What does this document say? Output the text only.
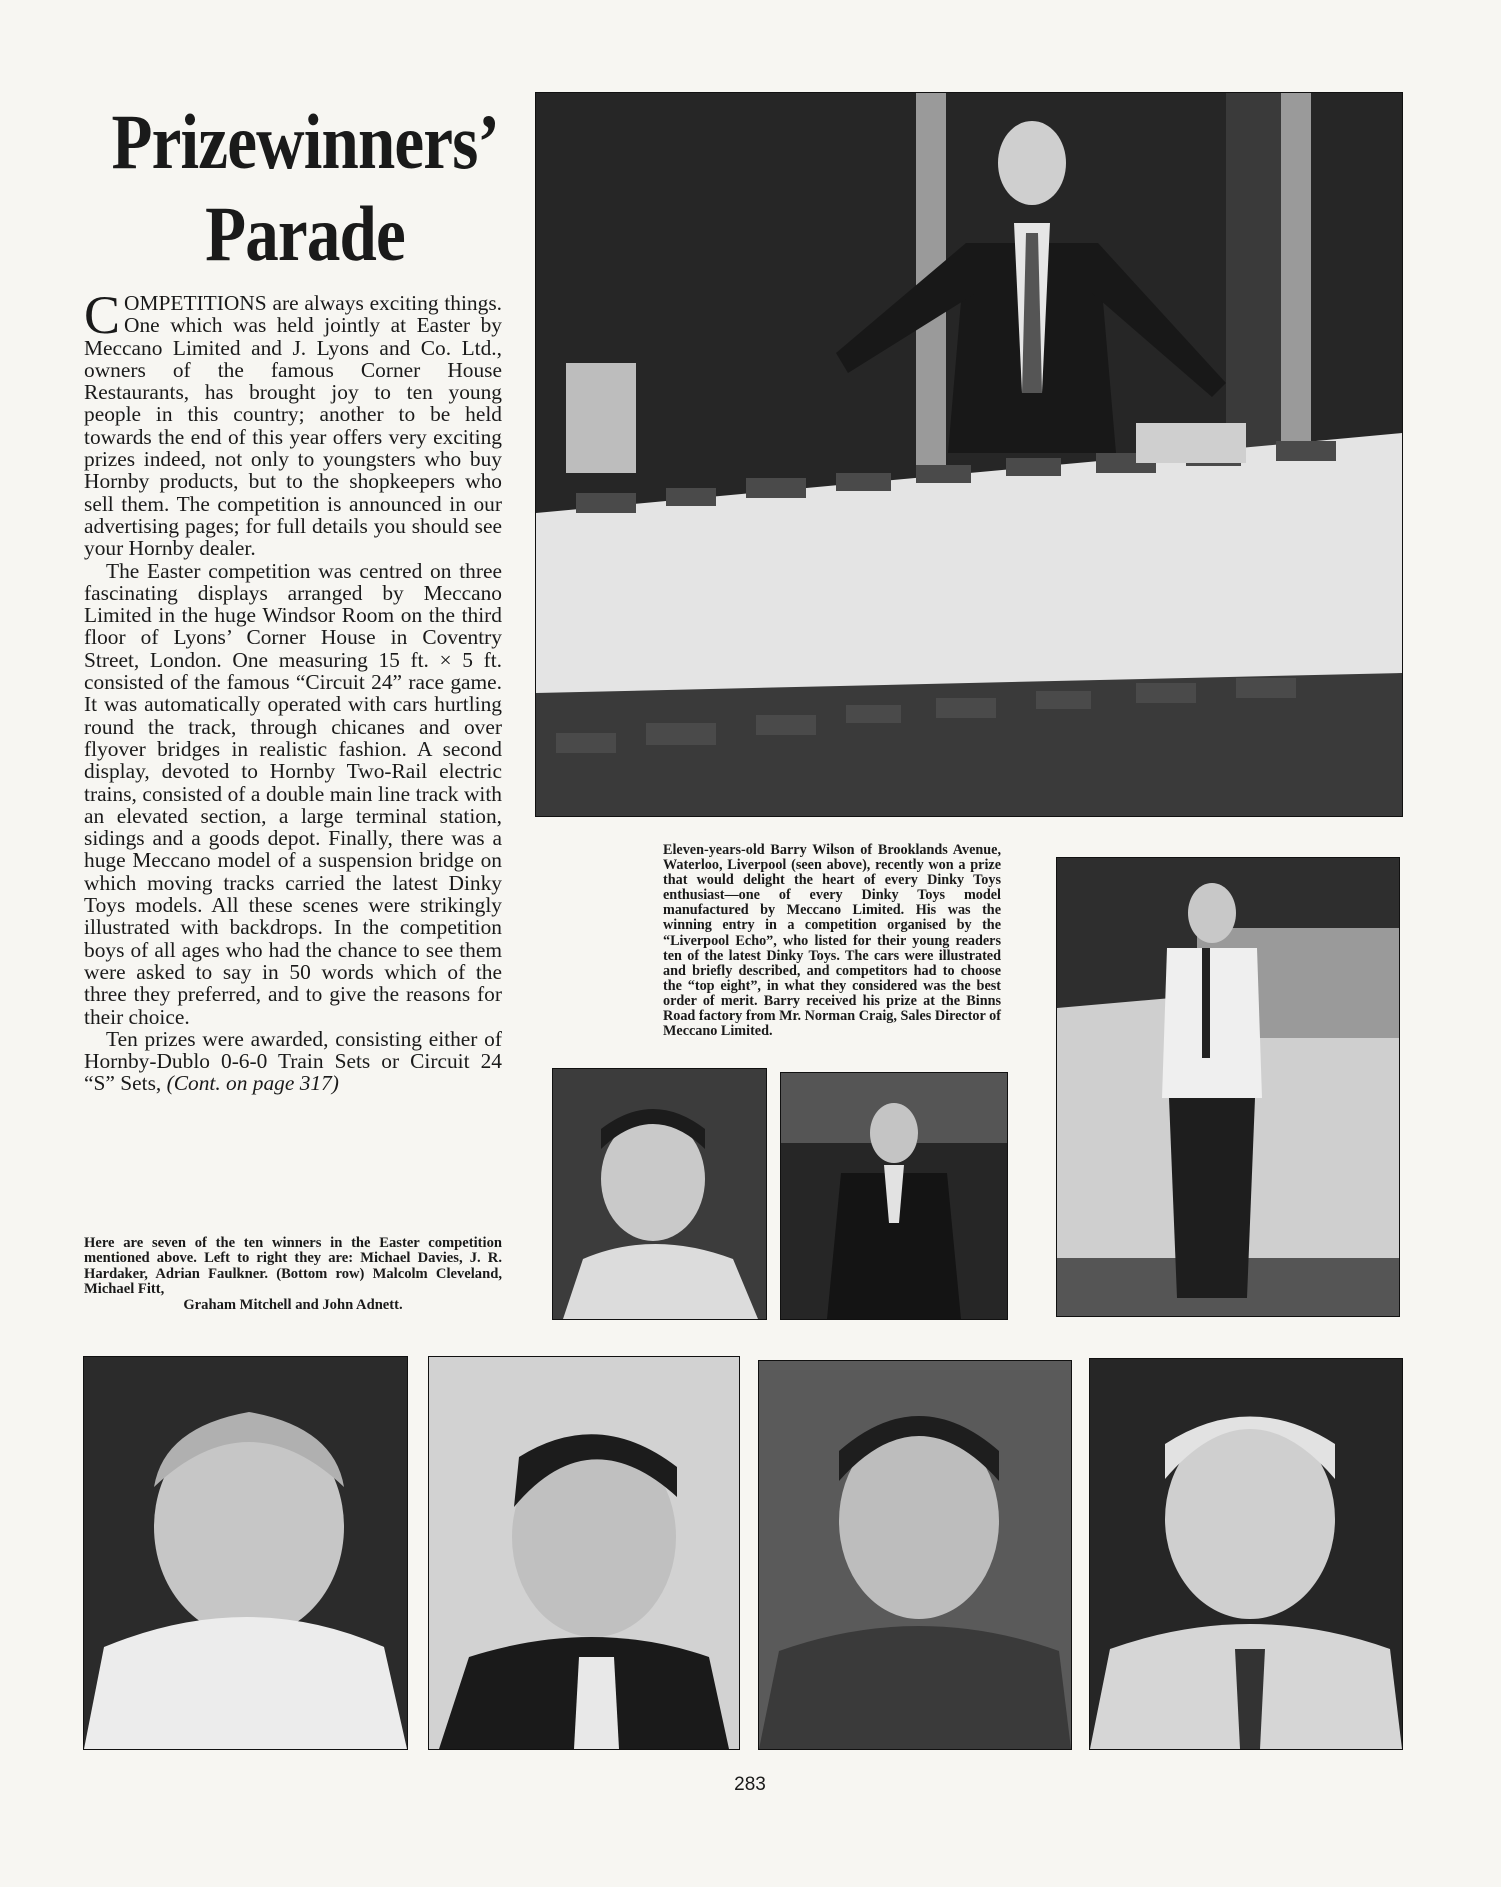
Prizewinners’
Parade

COMPETITIONS are always exciting things. One which was held jointly at Easter by Meccano Limited and J. Lyons and Co. Ltd., owners of the famous Corner House Restaurants, has brought joy to ten young people in this country; another to be held towards the end of this year offers very exciting prizes indeed, not only to youngsters who buy Hornby products, but to the shopkeepers who sell them. The competition is announced in our advertising pages; for full details you should see your Hornby dealer.

The Easter competition was centred on three fascinating displays arranged by Meccano Limited in the huge Windsor Room on the third floor of Lyons’ Corner House in Coventry Street, London. One measuring 15 ft. × 5 ft. consisted of the famous “Circuit 24” race game. It was automatically operated with cars hurtling round the track, through chicanes and over flyover bridges in realistic fashion. A second display, devoted to Hornby Two-Rail electric trains, consisted of a double main line track with an elevated section, a large terminal station, sidings and a goods depot. Finally, there was a huge Meccano model of a suspension bridge on which moving tracks carried the latest Dinky Toys models. All these scenes were strikingly illustrated with backdrops. In the competition boys of all ages who had the chance to see them were asked to say in 50 words which of the three they preferred, and to give the reasons for their choice.

Ten prizes were awarded, consisting either of Hornby-Dublo 0-6-0 Train Sets or Circuit 24 “S” Sets, (Cont. on page 317)

Here are seven of the ten winners in the Easter competition mentioned above. Left to right they are: Michael Davies, J. R. Hardaker, Adrian Faulkner. (Bottom row) Malcolm Cleveland, Michael Fitt,
Graham Mitchell and John Adnett.
Eleven-years-old Barry Wilson of Brooklands Avenue, Waterloo, Liverpool (seen above), recently won a prize that would delight the heart of every Dinky Toys enthusiast—one of every Dinky Toys model manufactured by Meccano Limited. His was the winning entry in a competition organised by the “Liverpool Echo”, who listed for their young readers ten of the latest Dinky Toys. The cars were illustrated and briefly described, and competitors had to choose the “top eight”, in what they considered was the best order of merit. Barry received his prize at the Binns Road factory from Mr. Norman Craig, Sales Director of Meccano Limited.
283
